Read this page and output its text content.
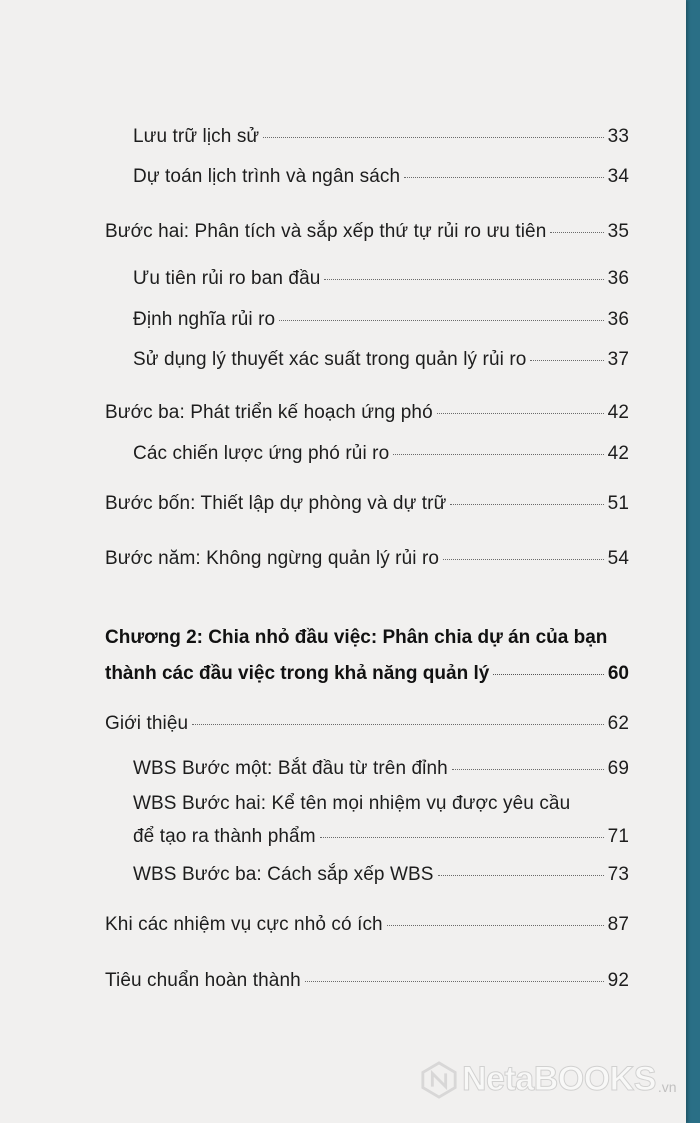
Lưu trữ lịch sử	33
Dự toán lịch trình và ngân sách	34
Bước hai: Phân tích và sắp xếp thứ tự rủi ro ưu tiên	35
Ưu tiên rủi ro ban đầu	36
Định nghĩa rủi ro	36
Sử dụng lý thuyết xác suất trong quản lý rủi ro	37
Bước ba: Phát triển kế hoạch ứng phó	42
Các chiến lược ứng phó rủi ro	42
Bước bốn: Thiết lập dự phòng và dự trữ	51
Bước năm: Không ngừng quản lý rủi ro	54
Chương 2: Chia nhỏ đầu việc: Phân chia dự án của bạn
thành các đầu việc trong khả năng quản lý	60
Giới thiệu	62
WBS Bước một: Bắt đầu từ trên đỉnh	69
WBS Bước hai: Kể tên mọi nhiệm vụ được yêu cầu
để tạo ra thành phẩm	71
WBS Bước ba: Cách sắp xếp WBS	73
Khi các nhiệm vụ cực nhỏ có ích	87
Tiêu chuẩn hoàn thành	92
NetaBOOKS .vn
